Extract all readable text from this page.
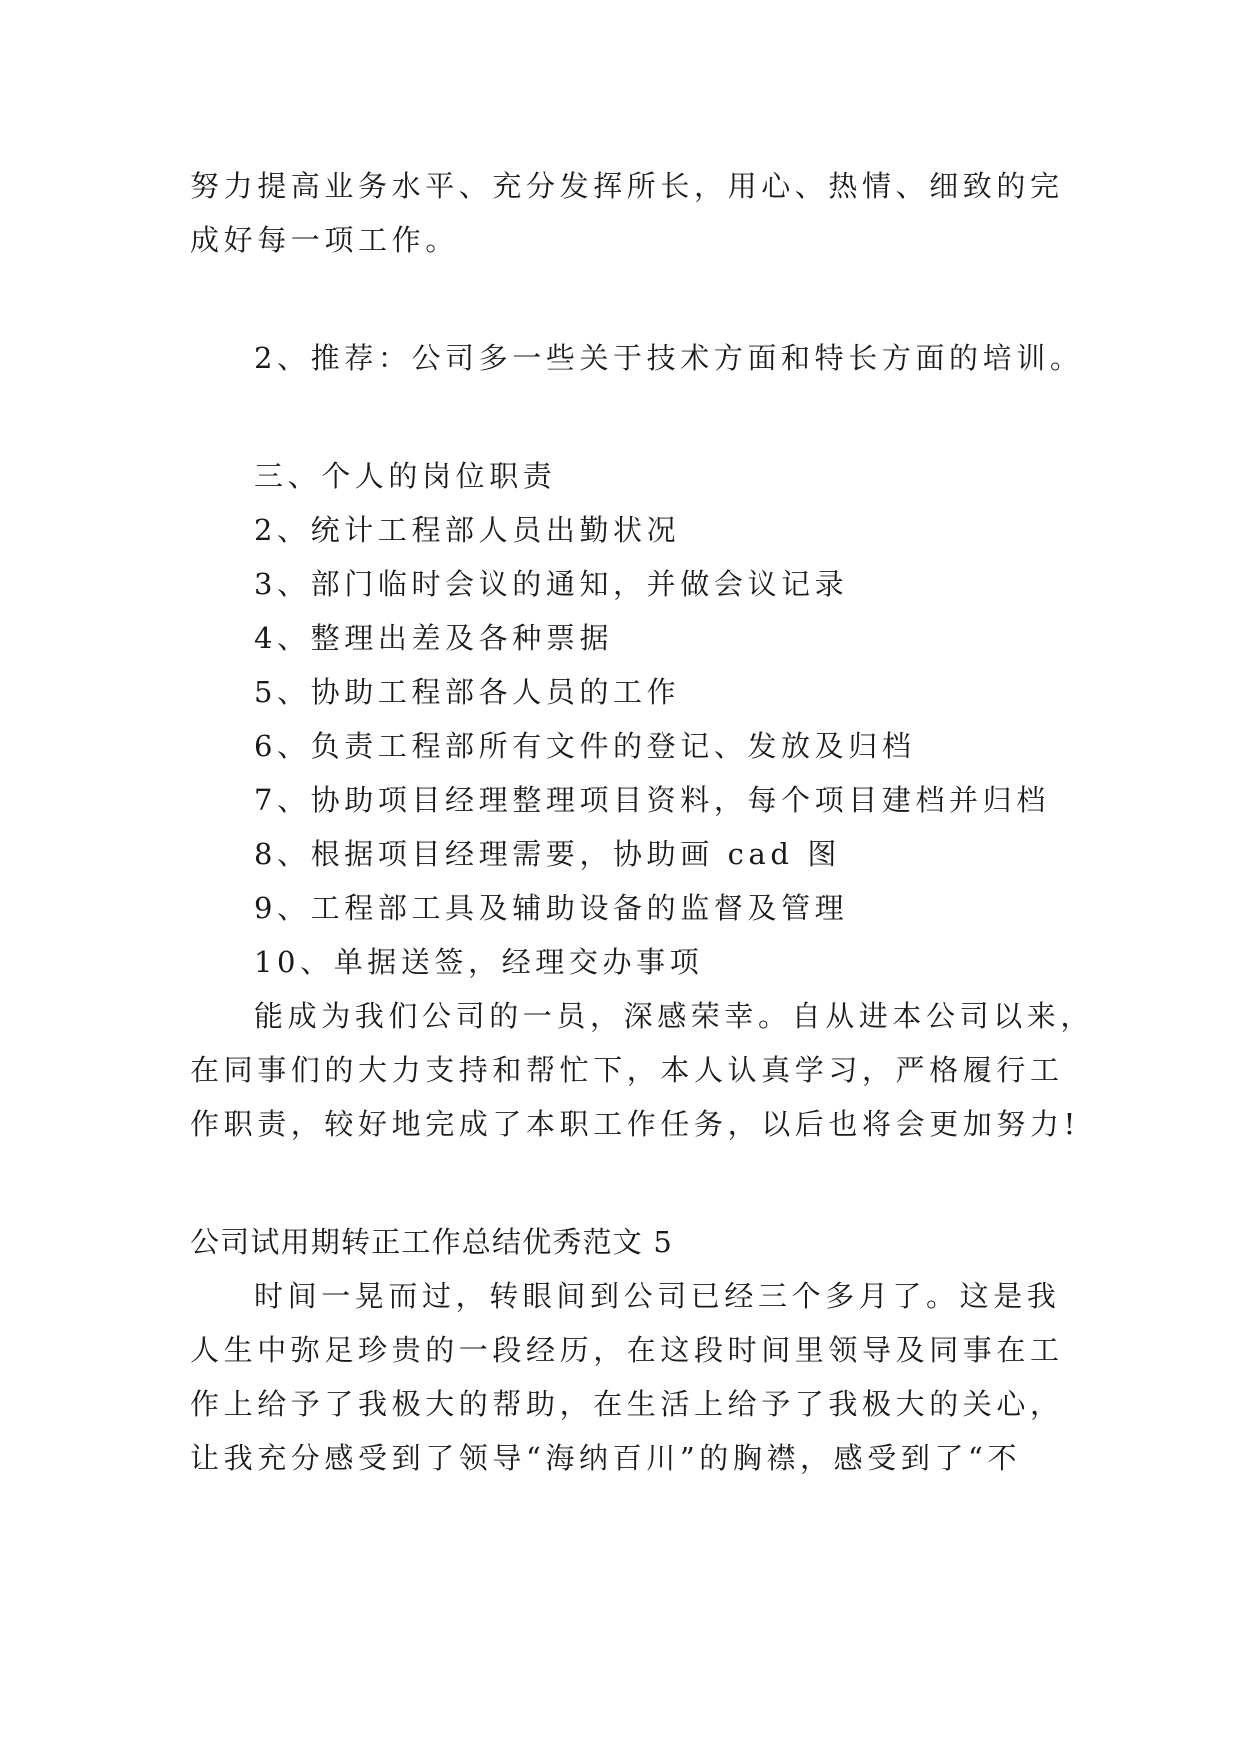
努力提高业务水平、充分发挥所长，用心、热情、细致的完
成好每一项工作。
2、推荐：公司多一些关于技术方面和特长方面的培训。
三、个人的岗位职责
2、统计工程部人员出勤状况
3、部门临时会议的通知，并做会议记录
4、整理出差及各种票据
5、协助工程部各人员的工作
6、负责工程部所有文件的登记、发放及归档
7、协助项目经理整理项目资料，每个项目建档并归档
8、根据项目经理需要，协助画 cad 图
9、工程部工具及辅助设备的监督及管理
10、单据送签，经理交办事项
能成为我们公司的一员，深感荣幸。自从进本公司以来，
在同事们的大力支持和帮忙下，本人认真学习，严格履行工
作职责，较好地完成了本职工作任务，以后也将会更加努力!
公司试用期转正工作总结优秀范文 5
时间一晃而过，转眼间到公司已经三个多月了。这是我
人生中弥足珍贵的一段经历，在这段时间里领导及同事在工
作上给予了我极大的帮助，在生活上给予了我极大的关心，
让我充分感受到了领导“海纳百川”的胸襟，感受到了“不
